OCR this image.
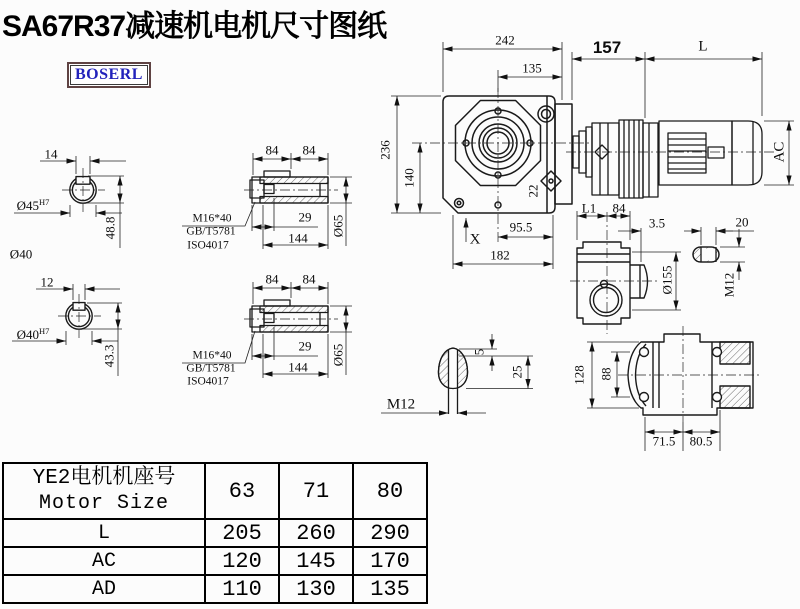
SA67R37减速机电机尺寸图纸
BOSERL
14
$Ø45^{H7}$
48.8
Ø40
12
$Ø40^{H7}$
43.3
84 84
M16*40
GB/T5781
ISO4017
29
144
Ø65
84 84
M16*40
GB/T5781
ISO4017
29
144
Ø65
242
135
157	L
236
140
22
AC
X
95.5
182
L1 84
3.5	20
Ø155	M12
5
25
M12
128 88
71.5 80.5
YE2电机机座号
Motor Size	63	71	80
L	205	260	290
AC	120	145	170
AD	110	130	135
